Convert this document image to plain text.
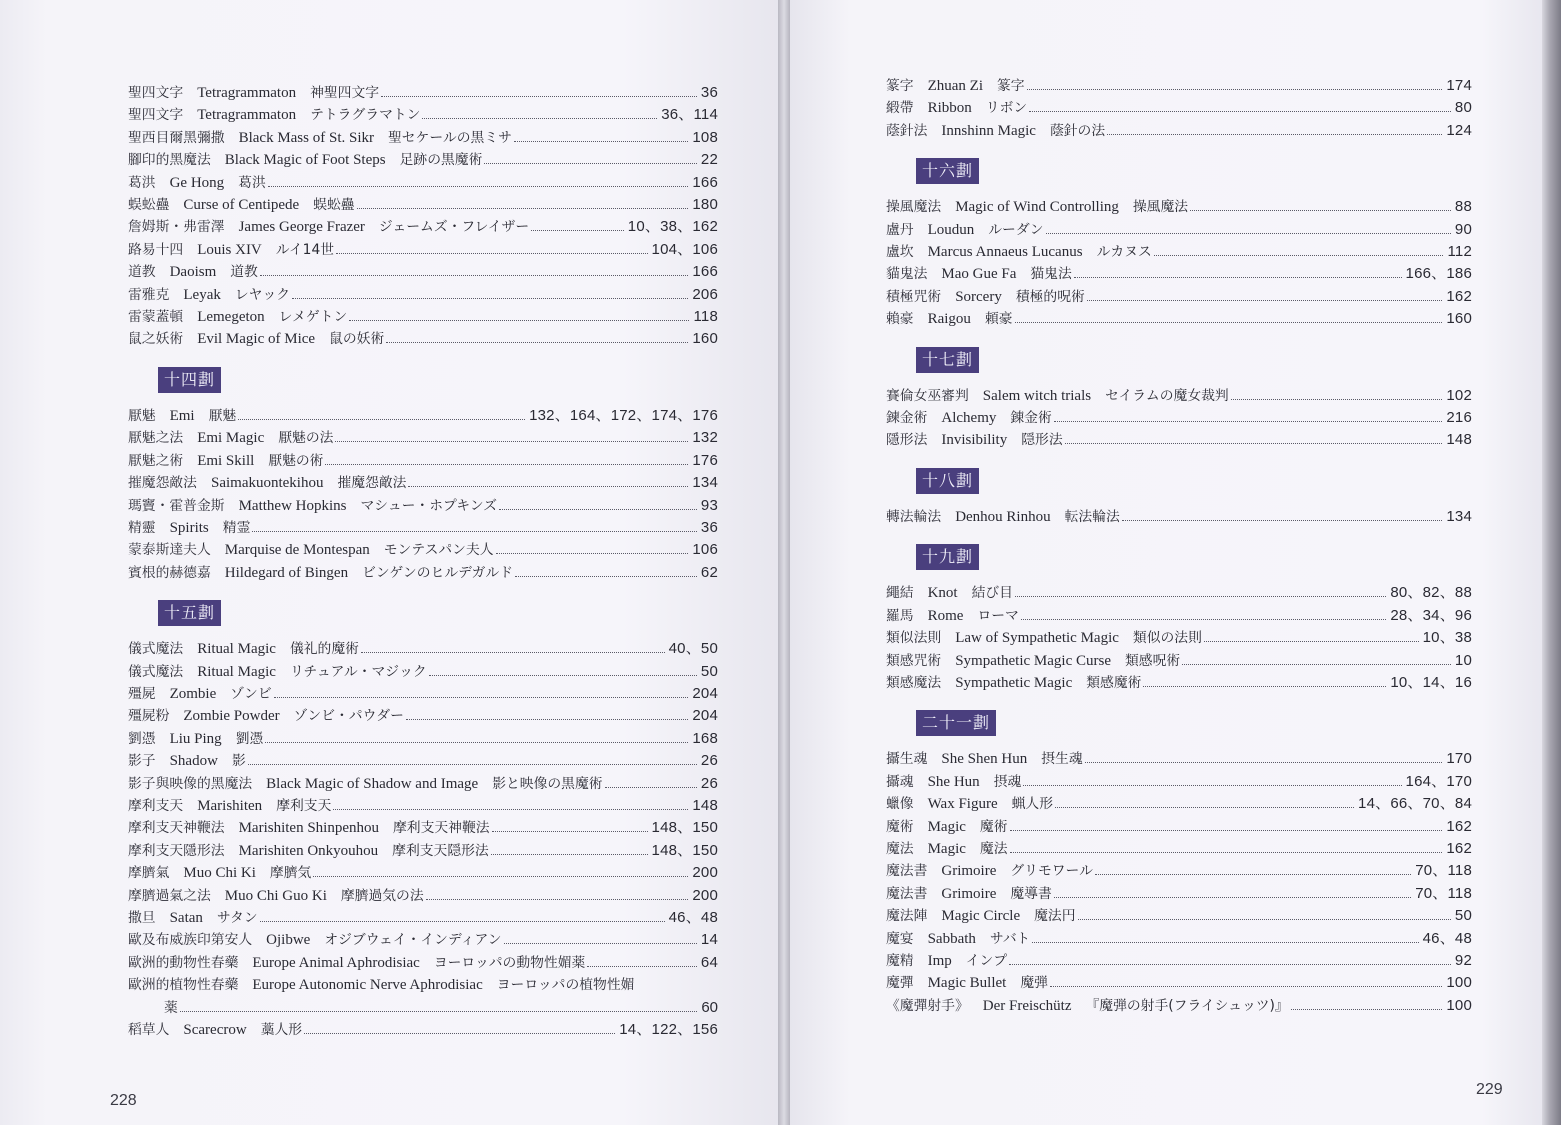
聖四文字 Tetragrammaton 神聖四文字	36
聖四文字 Tetragrammaton テトラグラマトン	36、114
聖西目爾黑彌撒 Black Mass of St. Sikr 聖セケールの黒ミサ	108
腳印的黑魔法 Black Magic of Foot Steps 足跡の黒魔術	22
葛洪 Ge Hong 葛洪	166
蜈蚣蠱 Curse of Centipede 蜈蚣蠱	180
詹姆斯・弗雷澤 James George Frazer ジェームズ・フレイザー	10、38、162
路易十四 Louis XIV ルイ14世	104、106
道教 Daoism 道教	166
雷雅克 Leyak レヤック	206
雷蒙蓋頓 Lemegeton レメゲトン	118
鼠之妖術 Evil Magic of Mice 鼠の妖術	160
十四劃
厭魅 Emi 厭魅	132、164、172、174、176
厭魅之法 Emi Magic 厭魅の法	132
厭魅之術 Emi Skill 厭魅の術	176
摧魔怨敵法 Saimakuontekihou 摧魔怨敵法	134
瑪竇・霍普金斯 Matthew Hopkins マシュー・ホプキンズ	93
精靈 Spirits 精霊	36
蒙泰斯達夫人 Marquise de Montespan モンテスパン夫人	106
賓根的赫德嘉 Hildegard of Bingen ビンゲンのヒルデガルド	62
十五劃
儀式魔法 Ritual Magic 儀礼的魔術	40、50
儀式魔法 Ritual Magic リチュアル・マジック	50
殭屍 Zombie ゾンビ	204
殭屍粉 Zombie Powder ゾンビ・パウダー	204
劉憑 Liu Ping 劉憑	168
影子 Shadow 影	26
影子與映像的黑魔法 Black Magic of Shadow and Image 影と映像の黒魔術	26
摩利支天 Marishiten 摩利支天	148
摩利支天神鞭法 Marishiten Shinpenhou 摩利支天神鞭法	148、150
摩利支天隱形法 Marishiten Onkyouhou 摩利支天隠形法	148、150
摩臍氣 Muo Chi Ki 摩臍気	200
摩臍過氣之法 Muo Chi Guo Ki 摩臍過気の法	200
撒旦 Satan サタン	46、48
歐及布威族印第安人 Ojibwe オジブウェイ・インディアン	14
歐洲的動物性春藥 Europe Animal Aphrodisiac ヨーロッパの動物性媚薬	64
歐洲的植物性春藥 Europe Autonomic Nerve Aphrodisiac ヨーロッパの植物性媚
薬	60
稻草人 Scarecrow 藁人形	14、122、156
228
229
篆字 Zhuan Zi 篆字	174
緞帶 Ribbon リボン	80
蔭針法 Innshinn Magic 蔭針の法	124
十六劃
操風魔法 Magic of Wind Controlling 操風魔法	88
盧丹 Loudun ルーダン	90
盧坎 Marcus Annaeus Lucanus ルカヌス	112
貓鬼法 Mao Gue Fa 猫鬼法	166、186
積極咒術 Sorcery 積極的呪術	162
賴豪 Raigou 頼豪	160
十七劃
賽倫女巫審判 Salem witch trials セイラムの魔女裁判	102
鍊金術 Alchemy 錬金術	216
隱形法 Invisibility 隠形法	148
十八劃
轉法輪法 Denhou Rinhou 転法輪法	134
十九劃
繩結 Knot 結び目	80、82、88
羅馬 Rome ローマ	28、34、96
類似法則 Law of Sympathetic Magic 類似の法則	10、38
類感咒術 Sympathetic Magic Curse 類感呪術	10
類感魔法 Sympathetic Magic 類感魔術	10、14、16
二十一劃
攝生魂 She Shen Hun 摂生魂	170
攝魂 She Hun 摂魂	164、170
蠟像 Wax Figure 蝋人形	14、66、70、84
魔術 Magic 魔術	162
魔法 Magic 魔法	162
魔法書 Grimoire グリモワール	70、118
魔法書 Grimoire 魔導書	70、118
魔法陣 Magic Circle 魔法円	50
魔宴 Sabbath サバト	46、48
魔精 Imp インプ	92
魔彈 Magic Bullet 魔弾	100
《魔彈射手》 Der Freischütz 『魔弾の射手(フライシュッツ)』	100
